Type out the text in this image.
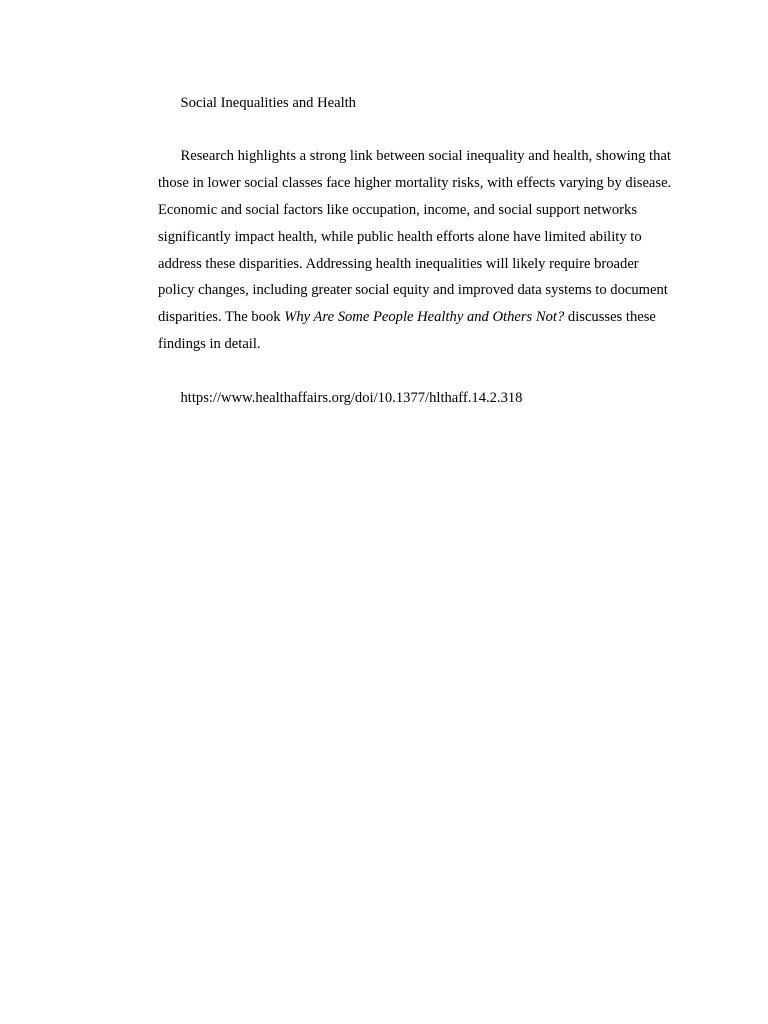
Social Inequalities and Health

Research highlights a strong link between social inequality and health, showing that those in lower social classes face higher mortality risks, with effects varying by disease. Economic and social factors like occupation, income, and social support networks significantly impact health, while public health efforts alone have limited ability to address these disparities. Addressing health inequalities will likely require broader policy changes, including greater social equity and improved data systems to document disparities. The book Why Are Some People Healthy and Others Not? discusses these findings in detail.

https://www.healthaffairs.org/doi/10.1377/hlthaff.14.2.318
